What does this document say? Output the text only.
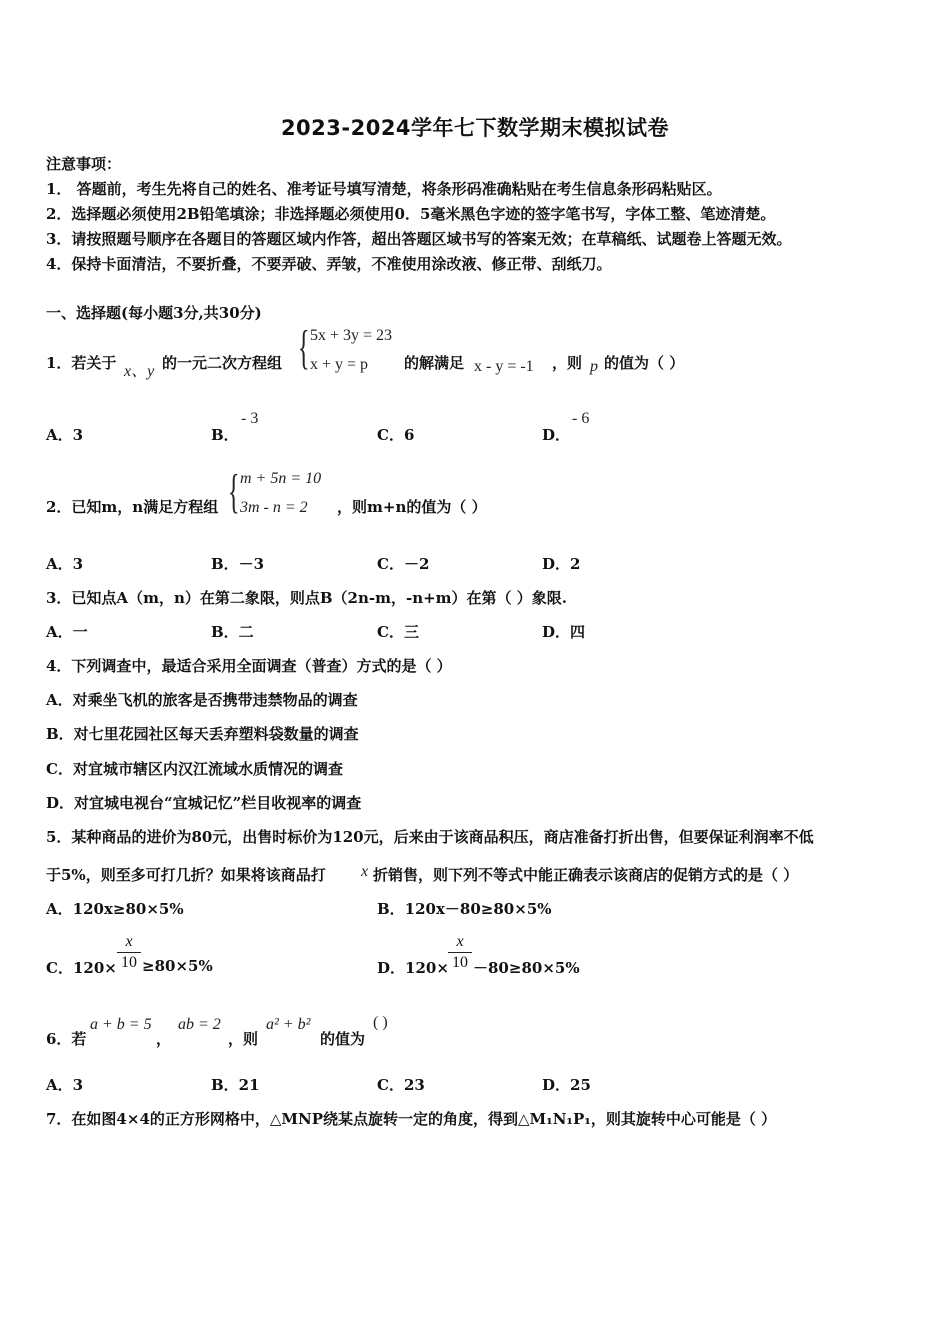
2023-2024学年七下数学期末模拟试卷
注意事项：
1． 答题前，考生先将自己的姓名、准考证号填写清楚，将条形码准确粘贴在考生信息条形码粘贴区。
2．选择题必须使用2B铅笔填涂；非选择题必须使用0．5毫米黑色字迹的签字笔书写，字体工整、笔迹清楚。
3．请按照题号顺序在各题目的答题区域内作答，超出答题区域书写的答案无效；在草稿纸、试题卷上答题无效。
4．保持卡面清洁，不要折叠，不要弄破、弄皱，不准使用涂改液、修正带、刮纸刀。
一、选择题(每小题3分,共30分)
1．若关于 x、y 的一元二次方程组 { 5x + 3y = 23
x + y = p 的解满足 x - y = -1 ，则 p 的值为（ ）
A．3	B．
- 3
C．6	D．
- 6
2．已知m，n满足方程组 { m + 5n = 10
3m - n = 2 ，则m+n的值为（ ）
A．3	B．－3	C．－2	D．2
3．已知点A（m，n）在第二象限，则点B（2n-m，-n+m）在第（ ）象限.
A．一	B．二	C．三	D．四
4．下列调查中，最适合采用全面调查（普查）方式的是（ ）
A．对乘坐飞机的旅客是否携带违禁物品的调查
B．对七里花园社区每天丢弃塑料袋数量的调查
C．对宜城市辖区内汉江流域水质情况的调查
D．对宜城电视台“宜城记忆”栏目收视率的调查
5．某种商品的进价为80元，出售时标价为120元，后来由于该商品积压，商店准备打折出售，但要保证利润率不低
于5%，则至多可打几折？如果将该商品打 x 折销售，则下列不等式中能正确表示该商店的促销方式的是（ ）
A．120x≥80×5%	B．120x－80≥80×5%
C．120×
x
10 ≥80×5%	D．120×
x
10 －80≥80×5%
6．若
a + b = 5
，
ab = 2
，则
a² + b²
的值为
( )
A．3	B．21	C．23	D．25
7．在如图4×4的正方形网格中，△MNP绕某点旋转一定的角度，得到△M₁N₁P₁，则其旋转中心可能是（ ）
